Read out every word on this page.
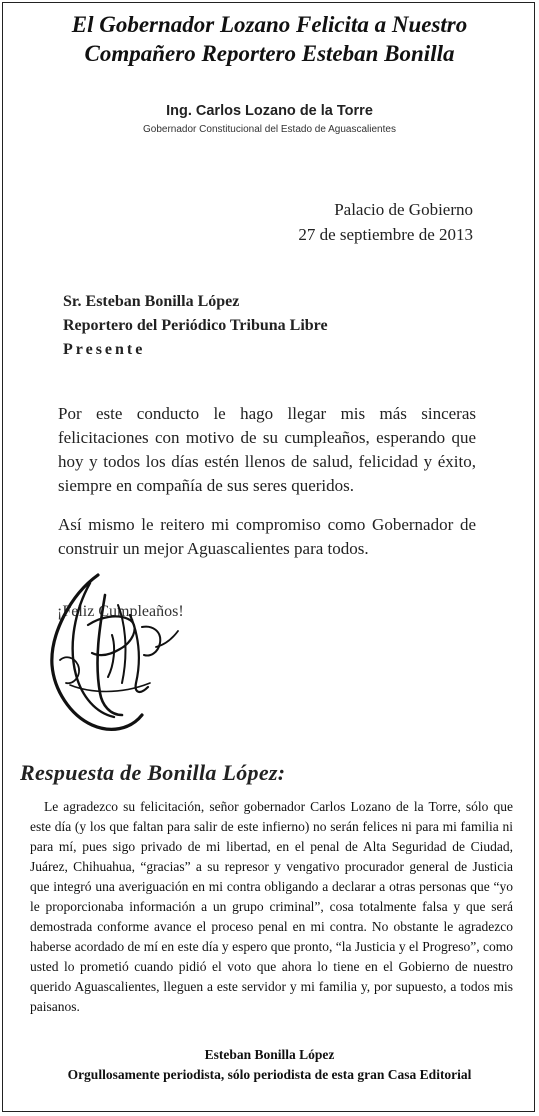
El Gobernador Lozano Felicita a Nuestro
Compañero Reportero Esteban Bonilla
Ing. Carlos Lozano de la Torre
Gobernador Constitucional del Estado de Aguascalientes
Palacio de Gobierno
27 de septiembre de 2013
Sr. Esteban Bonilla López
Reportero del Periódico Tribuna Libre
Presente
Por este conducto le hago llegar mis más sinceras felicitaciones con motivo de su cumpleaños, esperando que hoy y todos los días estén llenos de salud, felicidad y éxito, siempre en compañía de sus seres queridos.
Así mismo le reitero mi compromiso como Gobernador de construir un mejor Aguascalientes para todos.
¡Feliz Cumpleaños!
Respuesta de Bonilla López:
Le agradezco su felicitación, señor gobernador Carlos Lozano de la Torre, sólo que este día (y los que faltan para salir de este infierno) no serán felices ni para mi familia ni para mí, pues sigo privado de mi libertad, en el penal de Alta Seguridad de Ciudad, Juárez, Chihuahua, “gracias” a su represor y vengativo procurador general de Justicia que integró una averiguación en mi contra obligando a declarar a otras personas que “yo le proporcionaba información a un grupo criminal”, cosa totalmente falsa y que será demostrada conforme avance el proceso penal en mi contra. No obstante le agradezco haberse acordado de mí en este día y espero que pronto, “la Justicia y el Progreso”, como usted lo prometió cuando pidió el voto que ahora lo tiene en el Gobierno de nuestro querido Aguascalientes, lleguen a este servidor y mi familia y, por supuesto, a todos mis paisanos.
Esteban Bonilla López
Orgullosamente periodista, sólo periodista de esta gran Casa Editorial
